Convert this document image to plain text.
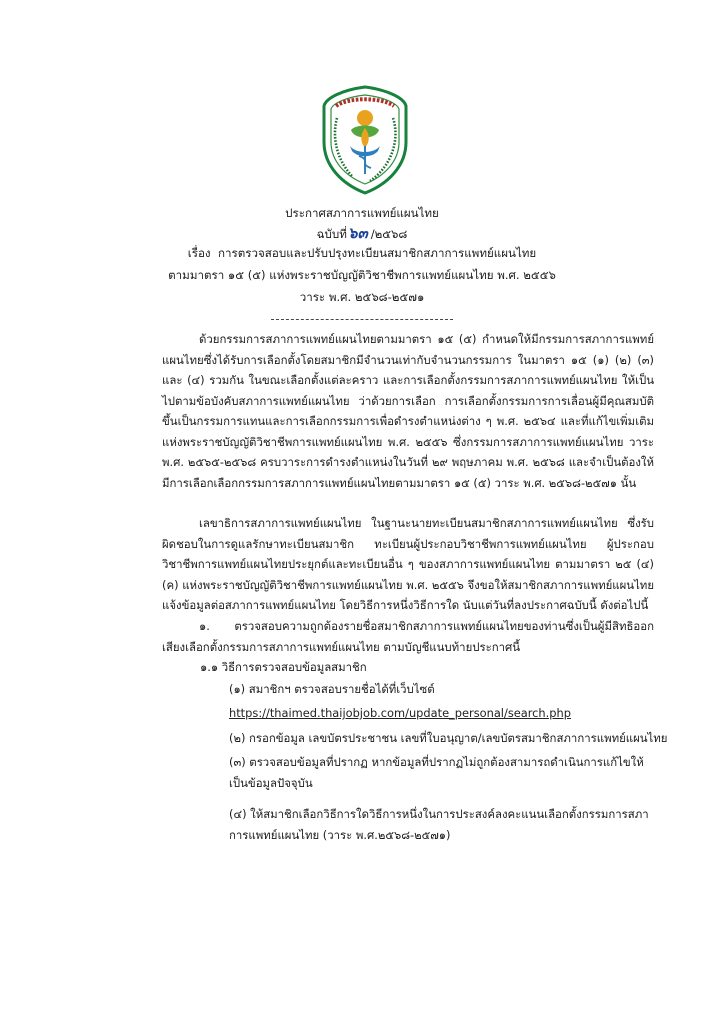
ประกาศสภาการแพทย์แผนไทย
ฉบับที่๖๓ /๒๕๖๘
เรื่อง การตรวจสอบและปรับปรุงทะเบียนสมาชิกสภาการแพทย์แผนไทย
ตามมาตรา ๑๕ (๕) แห่งพระราชบัญญัติวิชาชีพการแพทย์แผนไทย พ.ศ. ๒๕๕๖
วาระ พ.ศ. ๒๕๖๘-๒๕๗๑

ด้วยกรรมการสภาการแพทย์แผนไทยตามมาตรา ๑๕ (๕) กำหนดให้มีกรรมการสภาการแพทย์แผนไทยซึ่งได้รับการเลือกตั้งโดยสมาชิกมีจำนวนเท่ากับจำนวนกรรมการ ในมาตรา ๑๕ (๑) (๒) (๓) และ (๔) รวมกัน ในขณะเลือกตั้งแต่ละคราว และการเลือกตั้งกรรมการสภาการแพทย์แผนไทย ให้เป็นไปตามข้อบังคับสภาการแพทย์แผนไทย ว่าด้วยการเลือก การเลือกตั้งกรรมการการเลื่อนผู้มีคุณสมบัติขึ้นเป็นกรรมการแทนและการเลือกกรรมการเพื่อดำรงตำแหน่งต่าง ๆ พ.ศ. ๒๕๖๔ และที่แก้ไขเพิ่มเติม แห่งพระราชบัญญัติวิชาชีพการแพทย์แผนไทย พ.ศ. ๒๕๕๖ ซึ่งกรรมการสภาการแพทย์แผนไทย วาระ พ.ศ. ๒๕๖๕-๒๕๖๘ ครบวาระการดำรงตำแหน่งในวันที่ ๒๙ พฤษภาคม พ.ศ. ๒๕๖๘ และจำเป็นต้องให้มีการเลือกเลือกกรรมการสภาการแพทย์แผนไทยตามมาตรา ๑๕ (๕) วาระ พ.ศ. ๒๕๖๘-๒๕๗๑ นั้น

เลขาธิการสภาการแพทย์แผนไทย ในฐานะนายทะเบียนสมาชิกสภาการแพทย์แผนไทย ซึ่งรับผิดชอบในการดูแลรักษาทะเบียนสมาชิก ทะเบียนผู้ประกอบวิชาชีพการแพทย์แผนไทย ผู้ประกอบวิชาชีพการแพทย์แผนไทยประยุกต์และทะเบียนอื่น ๆ ของสภาการแพทย์แผนไทย ตามมาตรา ๒๕ (๔) (ค) แห่งพระราชบัญญัติวิชาชีพการแพทย์แผนไทย พ.ศ. ๒๕๕๖ จึงขอให้สมาชิกสภาการแพทย์แผนไทยแจ้งข้อมูลต่อสภาการแพทย์แผนไทย โดยวิธีการหนึ่งวิธีการใด นับแต่วันที่ลงประกาศฉบับนี้ ดังต่อไปนี้

๑. ตรวจสอบความถูกต้องรายชื่อสมาชิกสภาการแพทย์แผนไทยของท่านซึ่งเป็นผู้มีสิทธิออกเสียงเลือกตั้งกรรมการสภาการแพทย์แผนไทย ตามบัญชีแนบท้ายประกาศนี้

๑.๑ วิธีการตรวจสอบข้อมูลสมาชิก
(๑) สมาชิกฯ ตรวจสอบรายชื่อได้ที่เว็บไซต์
https://thaimed.thaijobjob.com/update_personal/search.php
(๒) กรอกข้อมูล เลขบัตรประชาชน เลขที่ใบอนุญาต/เลขบัตรสมาชิกสภาการแพทย์แผนไทย
(๓) ตรวจสอบข้อมูลที่ปรากฏ หากข้อมูลที่ปรากฏไม่ถูกต้องสามารถดำเนินการแก้ไขให้เป็นข้อมูลปัจจุบัน
(๔) ให้สมาชิกเลือกวิธีการใดวิธีการหนึ่งในการประสงค์ลงคะแนนเลือกตั้งกรรมการสภาการแพทย์แผนไทย (วาระ พ.ศ.๒๕๖๘-๒๕๗๑)
